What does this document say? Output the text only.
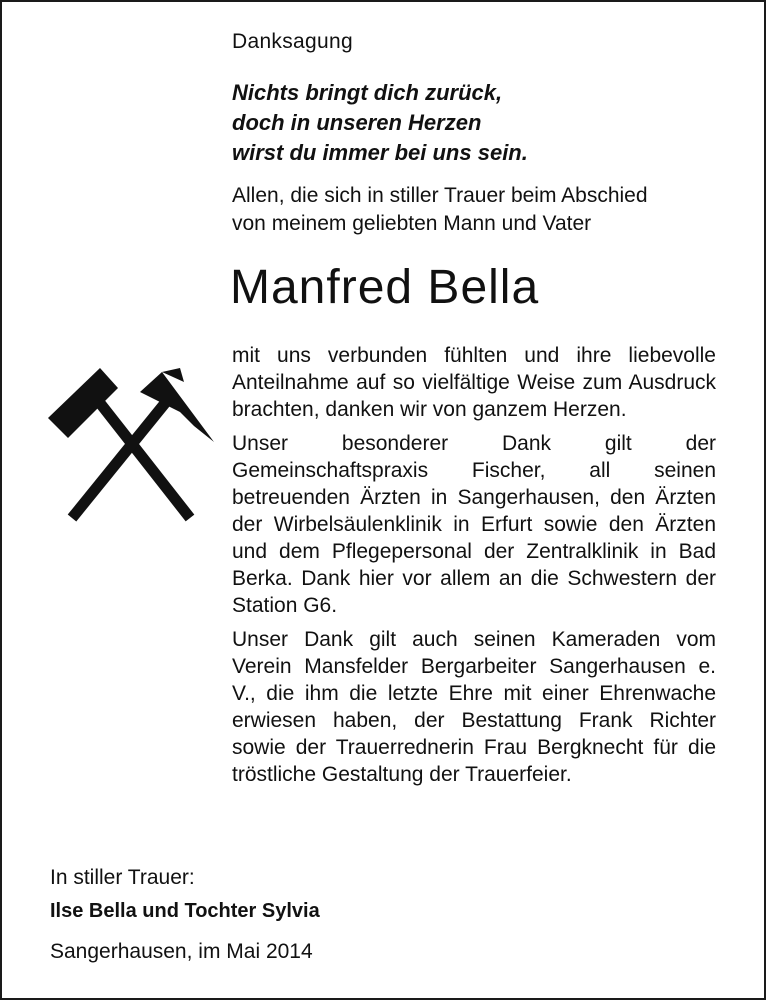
Danksagung
Nichts bringt dich zurück,
doch in unseren Herzen
wirst du immer bei uns sein.
Allen, die sich in stiller Trauer beim Abschied
von meinem geliebten Mann und Vater
Manfred Bella

mit uns verbunden fühlten und ihre liebevolle Anteilnahme auf so vielfältige Weise zum Ausdruck brachten, danken wir von ganzem Herzen.

Unser besonderer Dank gilt der Gemeinschaftspraxis Fischer, all seinen betreuenden Ärzten in Sangerhausen, den Ärzten der Wirbelsäulenklinik in Erfurt sowie den Ärzten und dem Pflegepersonal der Zentralklinik in Bad Berka. Dank hier vor allem an die Schwestern der Station G6.

Unser Dank gilt auch seinen Kameraden vom Verein Mansfelder Bergarbeiter Sangerhausen e. V., die ihm die letzte Ehre mit einer Ehrenwache erwiesen haben, der Bestattung Frank Richter sowie der Trauerrednerin Frau Bergknecht für die tröstliche Gestaltung der Trauerfeier.

In stiller Trauer:
Ilse Bella und Tochter Sylvia
Sangerhausen, im Mai 2014
